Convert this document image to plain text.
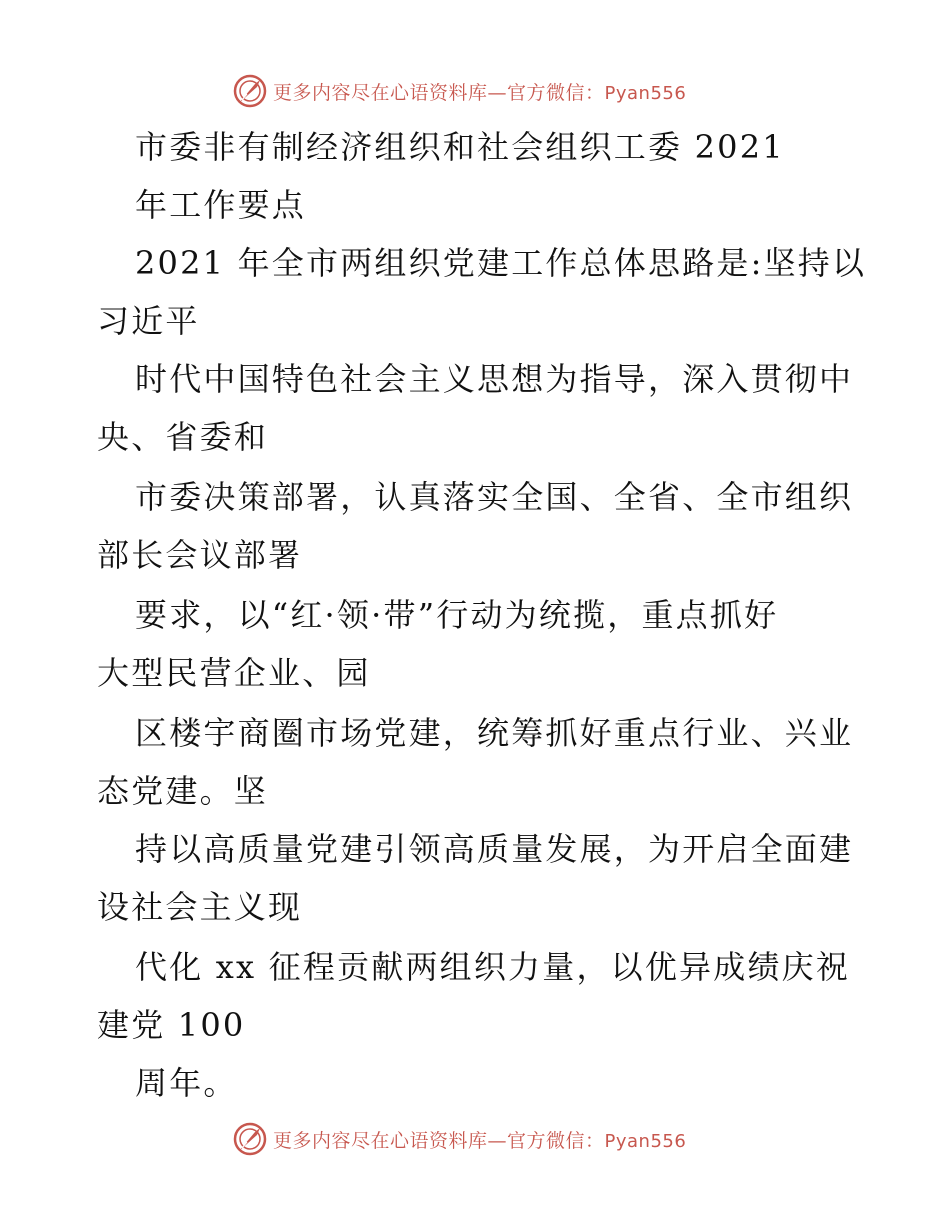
更多内容尽在心语资料库—官方微信：Pyan556
市委非有制经济组织和社会组织工委 2021
年工作要点
2021 年全市两组织党建工作总体思路是:坚持以
习近平
时代中国特色社会主义思想为指导，深入贯彻中
央、省委和
市委决策部署，认真落实全国、全省、全市组织
部长会议部署
要求，以“红·领·带”行动为统揽，重点抓好
大型民营企业、园
区楼宇商圈市场党建，统筹抓好重点行业、兴业
态党建。坚
持以高质量党建引领高质量发展，为开启全面建
设社会主义现
代化 xx 征程贡献两组织力量，以优异成绩庆祝
建党 100
周年。
更多内容尽在心语资料库—官方微信：Pyan556
